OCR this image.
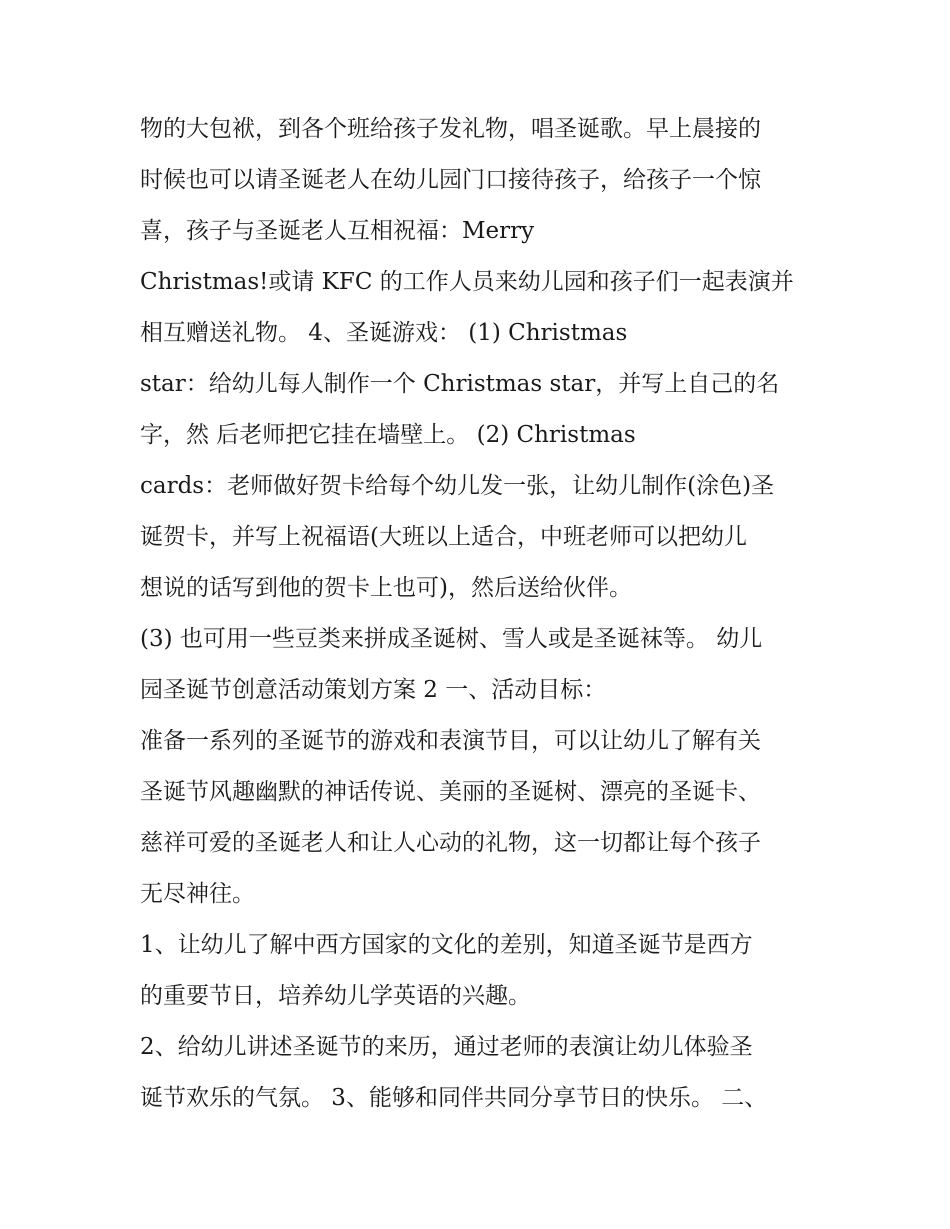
物的大包袱，到各个班给孩子发礼物，唱圣诞歌。早上晨接的
时候也可以请圣诞老人在幼儿园门口接待孩子，给孩子一个惊
喜，孩子与圣诞老人互相祝福：Merry
Christmas!或请 KFC 的工作人员来幼儿园和孩子们一起表演并
相互赠送礼物。 4、圣诞游戏： (1) Christmas
star：给幼儿每人制作一个 Christmas star，并写上自己的名
字，然 后老师把它挂在墙壁上。 (2) Christmas
cards：老师做好贺卡给每个幼儿发一张，让幼儿制作(涂色)圣
诞贺卡，并写上祝福语(大班以上适合，中班老师可以把幼儿
想说的话写到他的贺卡上也可)，然后送给伙伴。
(3) 也可用一些豆类来拼成圣诞树、雪人或是圣诞袜等。 幼儿
园圣诞节创意活动策划方案 2 一、活动目标：
准备一系列的圣诞节的游戏和表演节目，可以让幼儿了解有关
圣诞节风趣幽默的神话传说、美丽的圣诞树、漂亮的圣诞卡、
慈祥可爱的圣诞老人和让人心动的礼物，这一切都让每个孩子
无尽神往。
1、让幼儿了解中西方国家的文化的差别，知道圣诞节是西方
的重要节日，培养幼儿学英语的兴趣。
2、给幼儿讲述圣诞节的来历，通过老师的表演让幼儿体验圣
诞节欢乐的气氛。 3、能够和同伴共同分享节日的快乐。 二、
